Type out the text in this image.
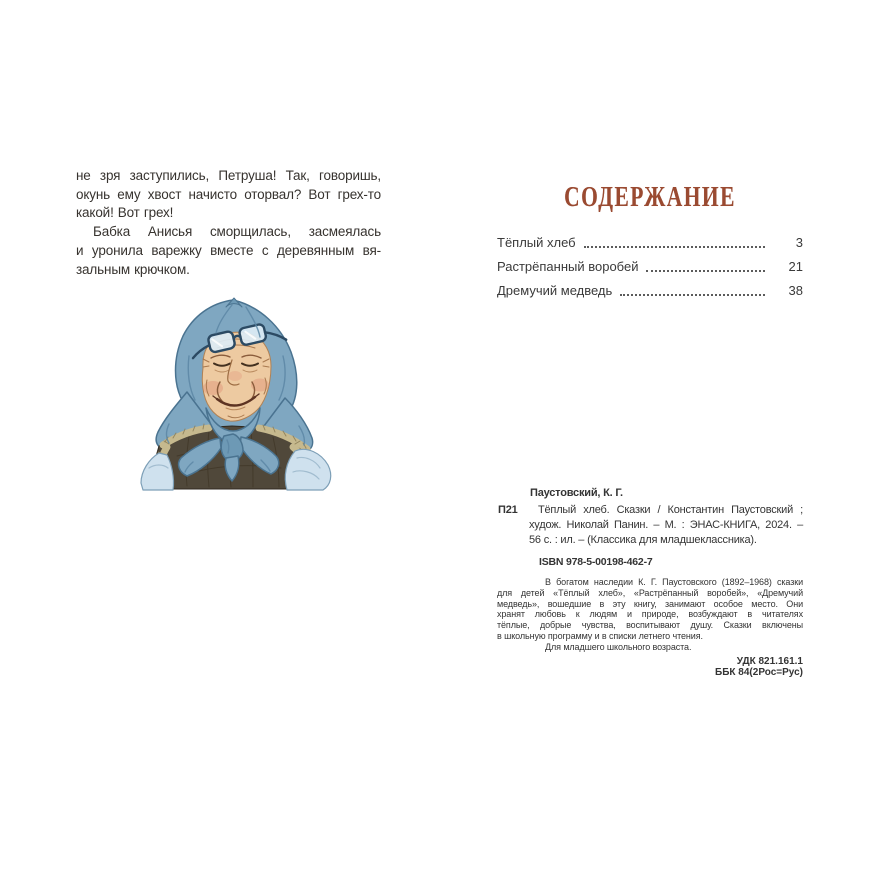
не зря заступились, Петруша! Так, говоришь,
окунь ему хвост начисто оторвал? Вот грех-то
какой! Вот грех!
Бабка Анисья сморщилась, засмеялась
и уронила варежку вместе с деревянным вя-
зальным крючком.
СОДЕРЖАНИЕ
Тёплый хлеб	3
Растрёпанный воробей	21
Дремучий медведь	38
Паустовский, К. Г.
П21	Тёплый хлеб. Сказки / Константин Паустовский ;
худож. Николай Панин. – М. : ЭНАС-КНИГА, 2024. –
56 с. : ил. – (Классика для младшеклассника).
ISBN 978-5-00198-462-7
В богатом наследии К. Г. Паустовского (1892–1968) сказки
для детей «Тёплый хлеб», «Растрёпанный воробей», «Дремучий
медведь», вошедшие в эту книгу, занимают особое место. Они
хранят любовь к людям и природе, возбуждают в читателях
тёплые, добрые чувства, воспитывают душу. Сказки включены
в школьную программу и в списки летнего чтения.
Для младшего школьного возраста.
УДК 821.161.1
ББК 84(2Рос=Рус)
